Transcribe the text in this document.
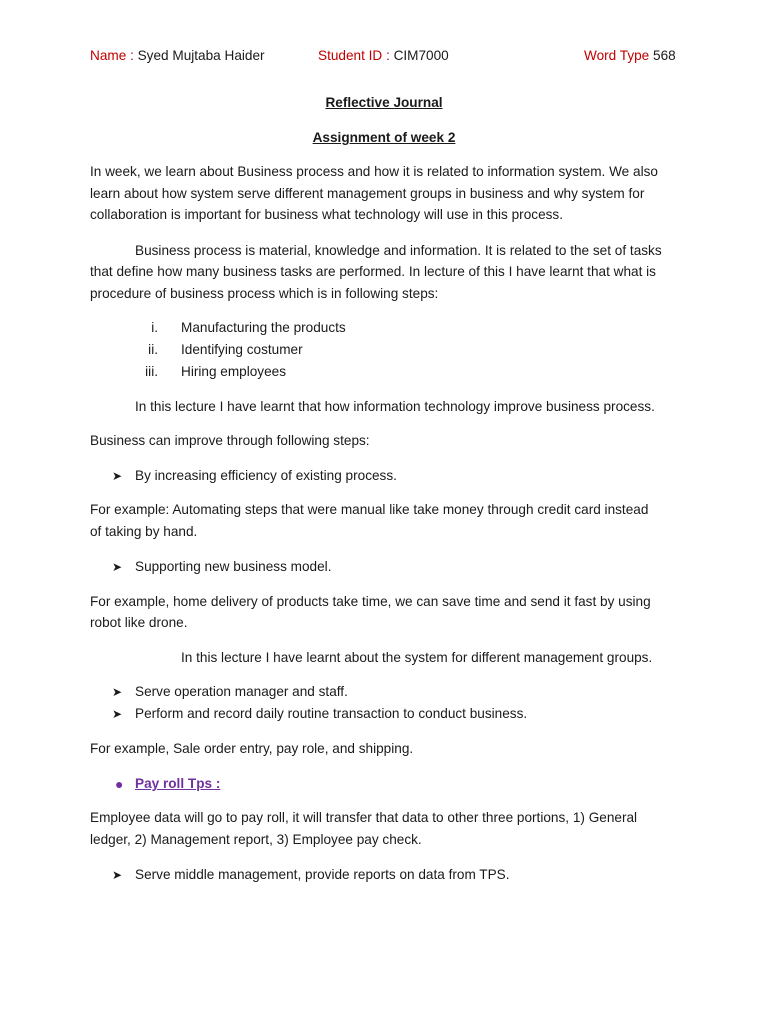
Name : Syed Mujtaba Haider	Student ID : CIM7000	Word Type 568
Reflective Journal
Assignment of week 2
In week, we learn about Business process and how it is related to information system. We also
learn about how system serve different management groups in business and why system for
collaboration is important for business what technology will use in this process.
Business process is material, knowledge and information. It is related to the set of tasks
that define how many business tasks are performed. In lecture of this I have learnt that what is
procedure of business process which is in following steps:
i. Manufacturing the products
ii. Identifying costumer
iii. Hiring employees
In this lecture I have learnt that how information technology improve business process.
Business can improve through following steps:
➤ By increasing efficiency of existing process.
For example: Automating steps that were manual like take money through credit card instead
of taking by hand.
➤ Supporting new business model.
For example, home delivery of products take time, we can save time and send it fast by using
robot like drone.
In this lecture I have learnt about the system for different management groups.
➤ Serve operation manager and staff.
➤ Perform and record daily routine transaction to conduct business.
For example, Sale order entry, pay role, and shipping.
● Pay roll Tps :
Employee data will go to pay roll, it will transfer that data to other three portions, 1) General
ledger, 2) Management report, 3) Employee pay check.
➤ Serve middle management, provide reports on data from TPS.
